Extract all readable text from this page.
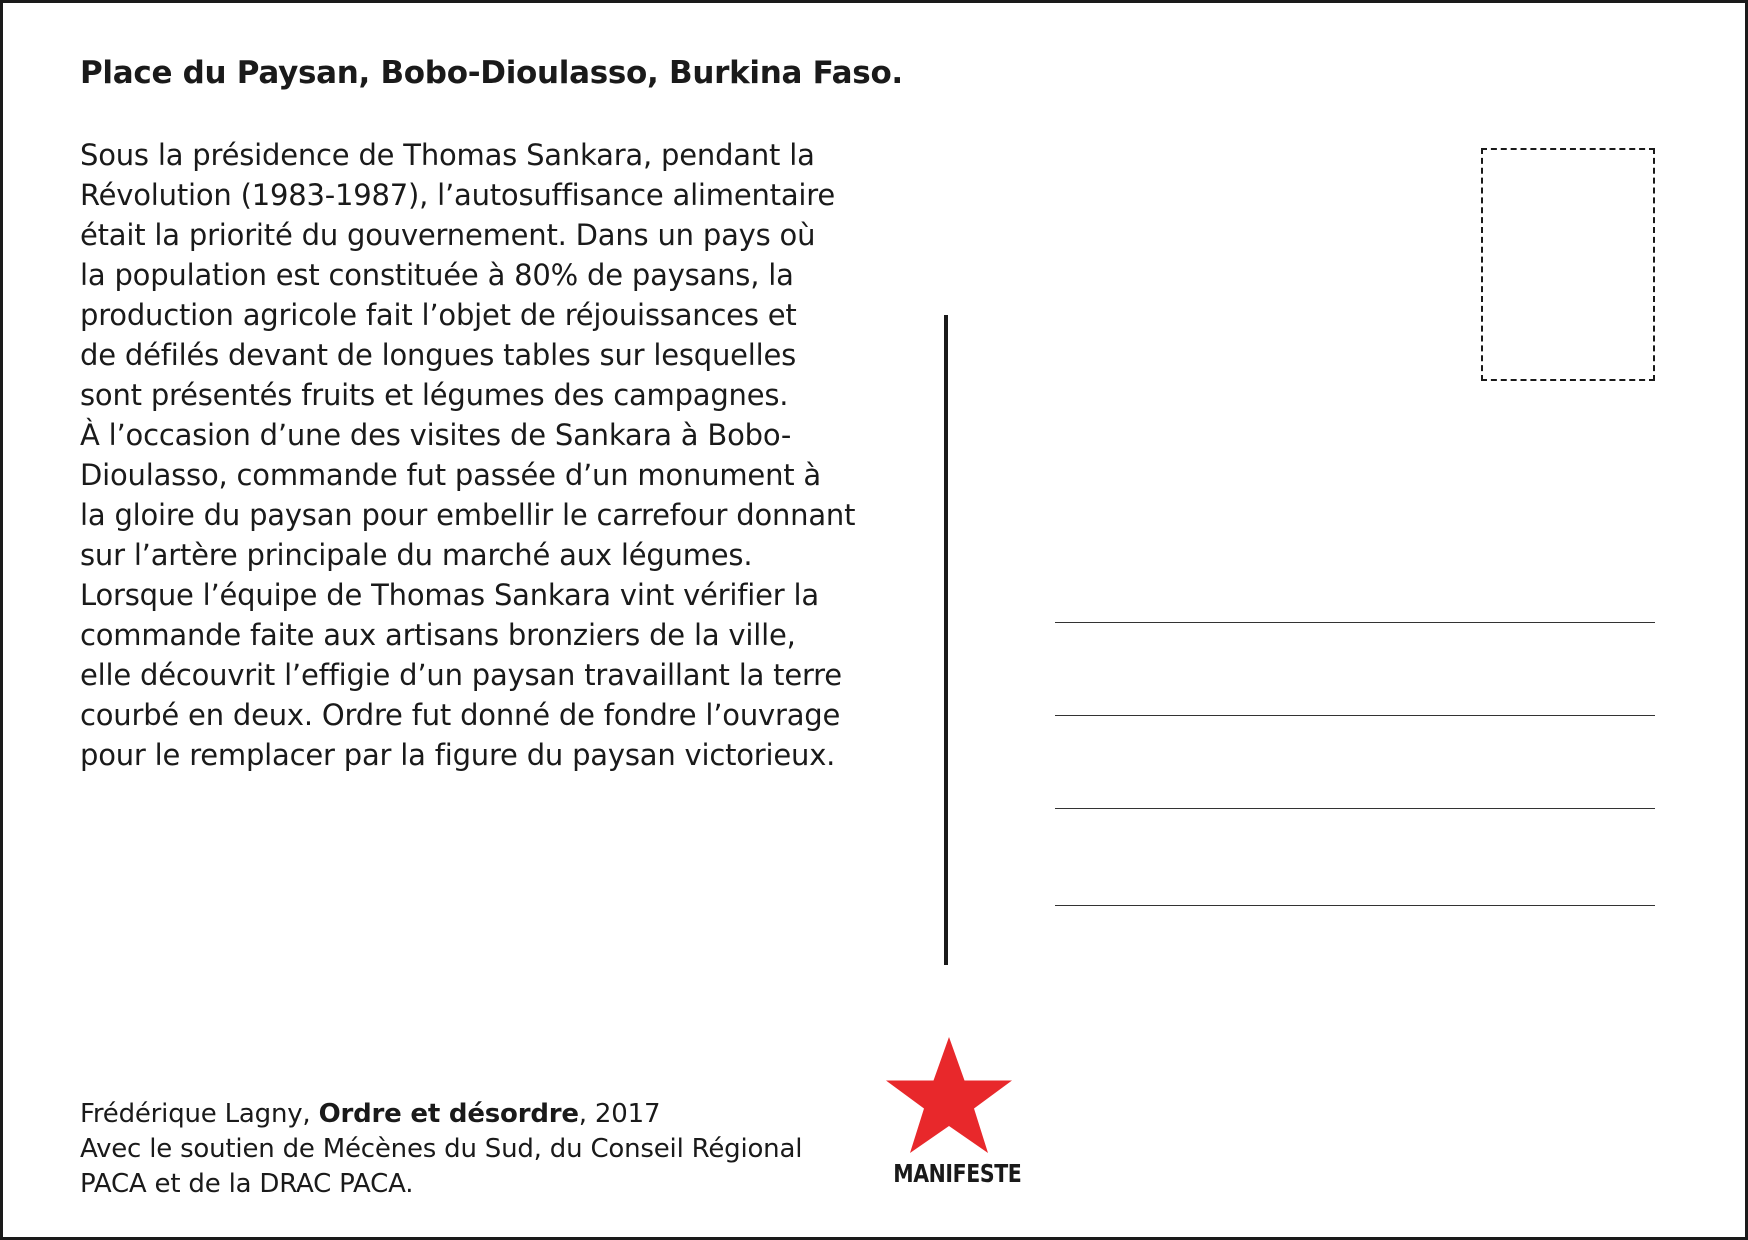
Place du Paysan, Bobo-Dioulasso, Burkina Faso.
Sous la présidence de Thomas Sankara, pendant la
Révolution (1983-1987), l’autosuffisance alimentaire
était la priorité du gouvernement. Dans un pays où
la population est constituée à 80% de paysans, la
production agricole fait l’objet de réjouissances et
de défilés devant de longues tables sur lesquelles
sont présentés fruits et légumes des campagnes.
À l’occasion d’une des visites de Sankara à Bobo-
Dioulasso, commande fut passée d’un monument à
la gloire du paysan pour embellir le carrefour donnant
sur l’artère principale du marché aux légumes.
Lorsque l’équipe de Thomas Sankara vint vérifier la
commande faite aux artisans bronziers de la ville,
elle découvrit l’effigie d’un paysan travaillant la terre
courbé en deux. Ordre fut donné de fondre l’ouvrage
pour le remplacer par la figure du paysan victorieux.
Frédérique Lagny, Ordre et désordre, 2017
Avec le soutien de Mécènes du Sud, du Conseil Régional
PACA et de la DRAC PACA.	MANIFESTE
